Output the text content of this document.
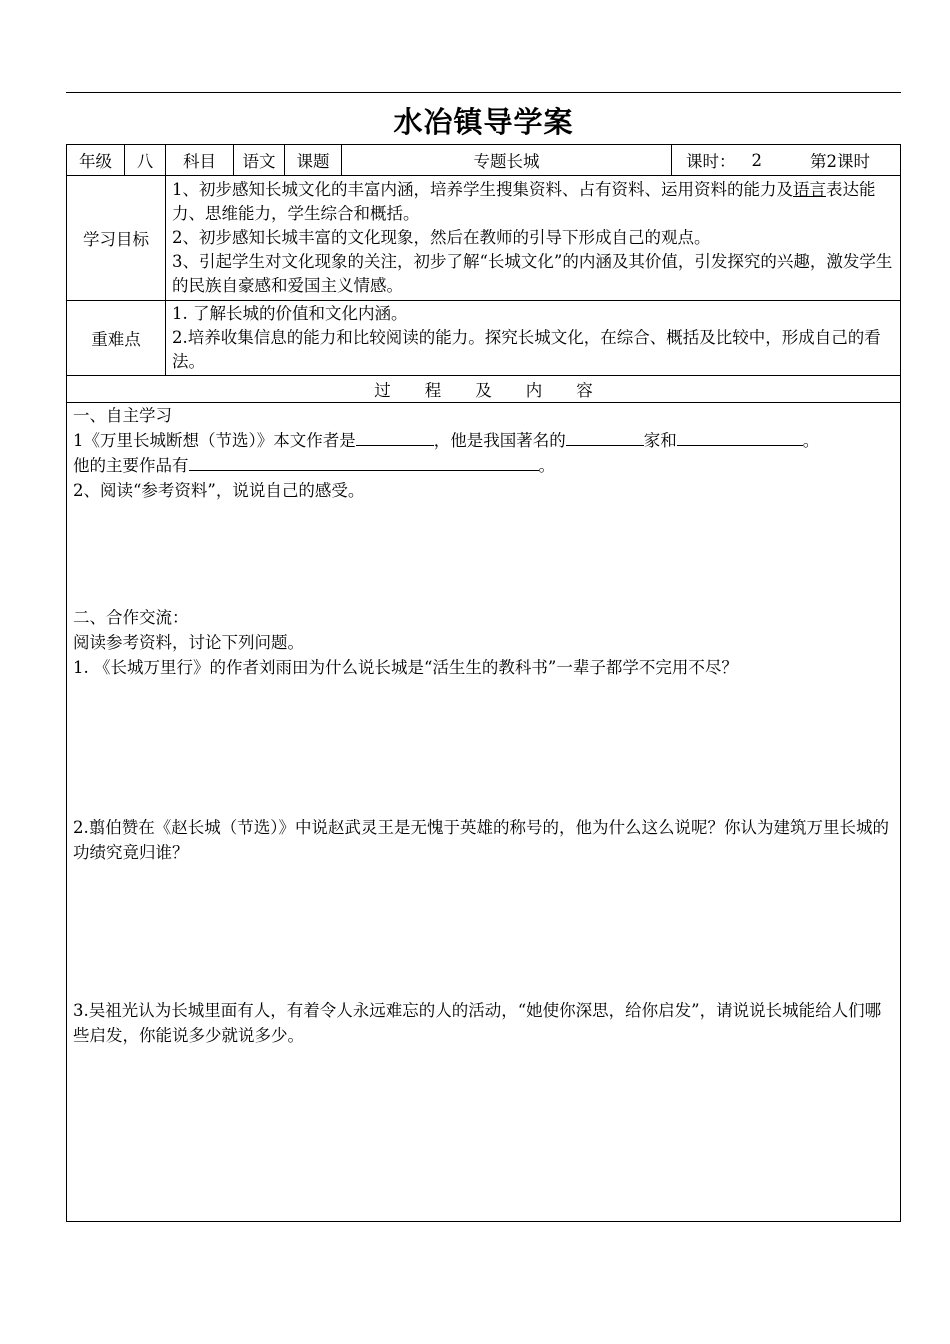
水冶镇导学案
年级	八	科目	语文	课题	专题长城	课时： 2	第2课时
学习目标
1、初步感知长城文化的丰富内涵，培养学生搜集资料、占有资料、运用资料的能力及语言表达能力、思维能力，学生综合和概括。
2、初步感知长城丰富的文化现象，然后在教师的引导下形成自己的观点。
3、引起学生对文化现象的关注，初步了解“长城文化”的内涵及其价值，引发探究的兴趣，激发学生的民族自豪感和爱国主义情感。
重难点
1. 了解长城的价值和文化内涵。
2.培养收集信息的能力和比较阅读的能力。探究长城文化，在综合、概括及比较中，形成自己的看法。
过 程 及 内 容

一、自主学习

1《万里长城断想（节选）》本文作者是	，他是我国著名的	家和	。

他的主要作品有	。

2、阅读“参考资料”，说说自己的感受。

二、合作交流：

阅读参考资料，讨论下列问题。

1. 《长城万里行》的作者刘雨田为什么说长城是“活生生的教科书”一辈子都学不完用不尽？

2.翦伯赞在《赵长城（节选）》中说赵武灵王是无愧于英雄的称号的，他为什么这么说呢？你认为建筑万里长城的功绩究竟归谁？

3.吴祖光认为长城里面有人，有着令人永远难忘的人的活动，“她使你深思，给你启发”，请说说长城能给人们哪些启发，你能说多少就说多少。
